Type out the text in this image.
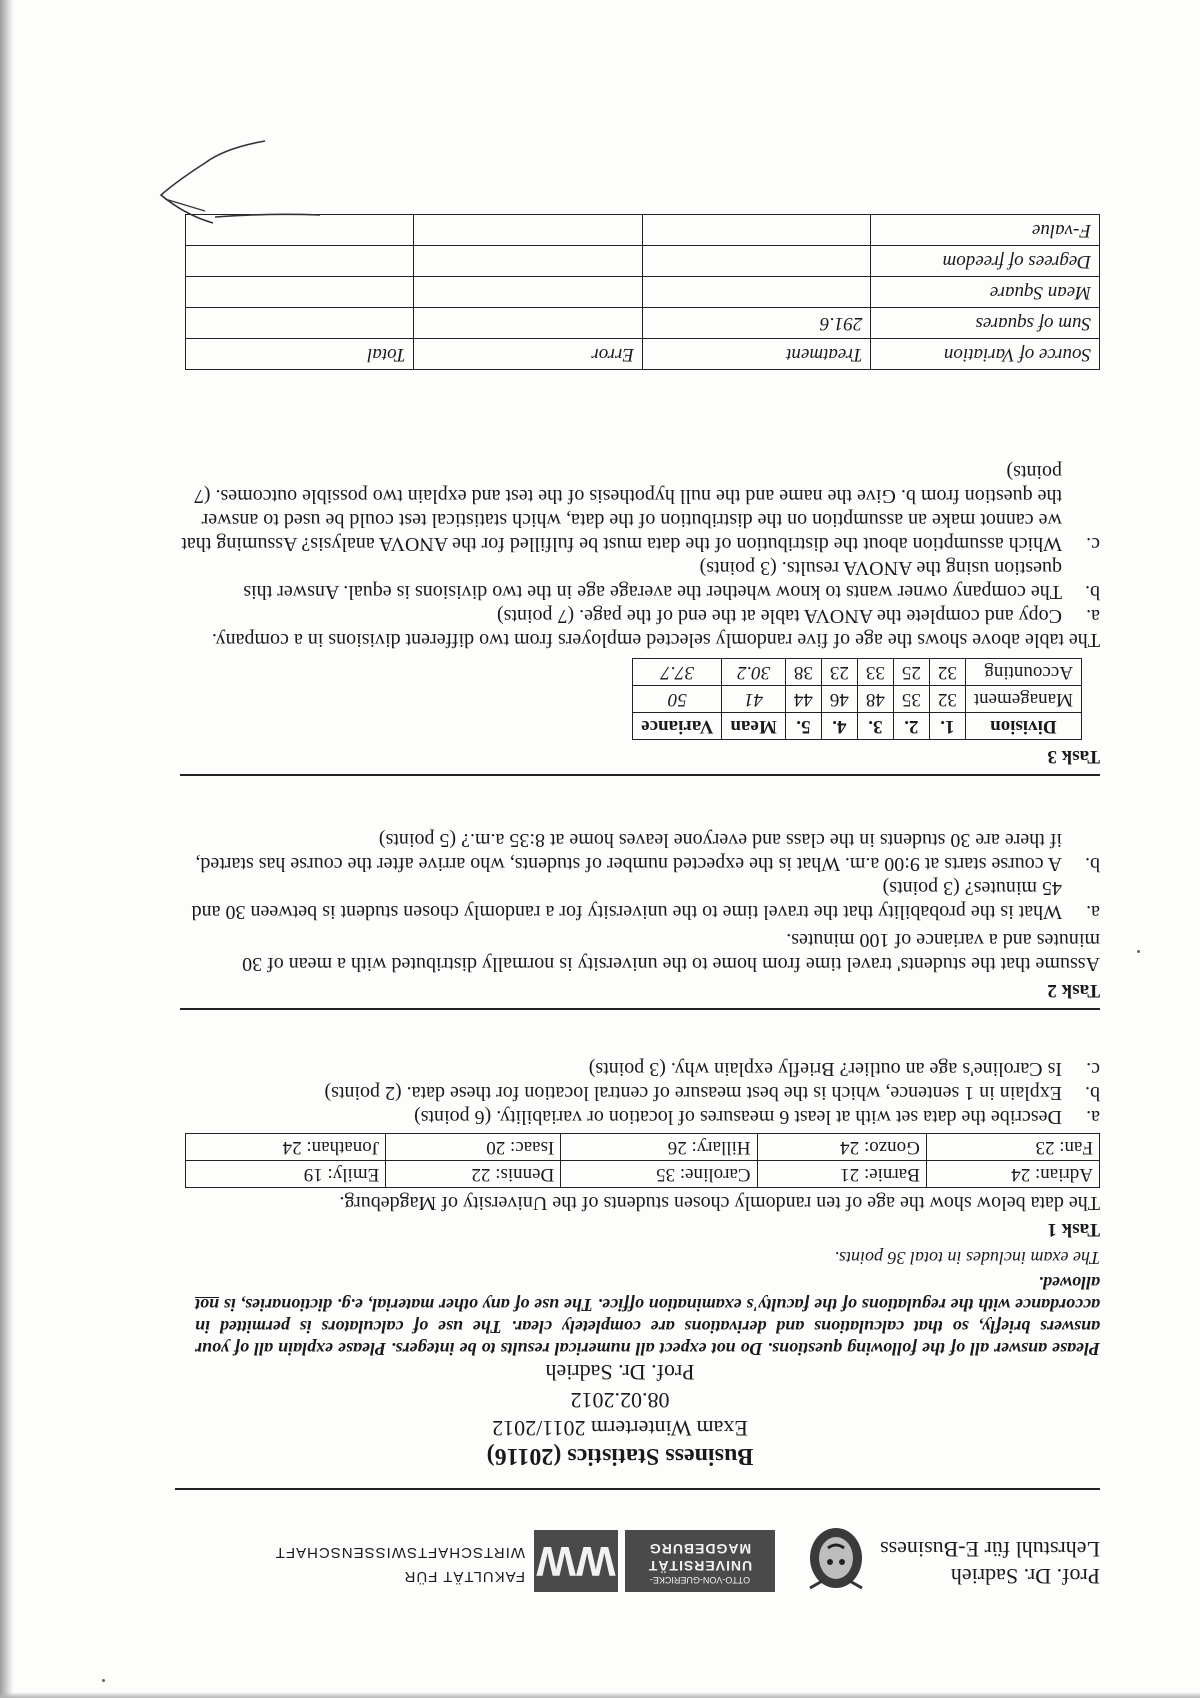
Prof. Dr. Sadrieh
Lehrstuhl für E-Business
OTTO-VON-GUERICKE-
UNIVERSITÄT
MAGDEBURG
WW
FAKULTÄT FÜR
WIRTSCHAFTSWISSENSCHAFT
Business Statistics (20116)
Exam Winterterm 2011/2012
08.02.2012
Prof. Dr. Sadrieh
Please answer all of the following questions. Do not expect all numerical results to be integers. Please explain all of your answers briefly, so that calculations and derivations are completely clear. The use of calculators is permitted in accordance with the regulations of the faculty's examination office. The use of any other material, e.g. dictionaries, is not allowed.
The exam includes in total 36 points.
Task 1
The data below show the age of ten randomly chosen students of the University of Magdeburg.
Adrian: 24	Barnie: 21	Caroline: 35	Dennis: 22	Emily: 19
Fan: 23	Gonzo: 24	Hillary: 26	Isaac: 20	Jonathan: 24
a.
Describe the data set with at least 6 measures of location or variability. (6 points)
b.
Explain in 1 sentence, which is the best measure of central location for these data. (2 points)
c.
Is Caroline's age an outlier? Briefly explain why. (3 points)
Task 2
Assume that the students' travel time from home to the university is normally distributed with a mean of 30 minutes and a variance of 100 minutes.
a.
What is the probability that the travel time to the university for a randomly chosen student is between 30 and 45 minutes? (3 points)
b.
A course starts at 9:00 a.m. What is the expected number of students, who arrive after the course has started, if there are 30 students in the class and everyone leaves home at 8:35 a.m.? (5 points)
Task 3
Division	1.	2.	3.	4.	5.	Mean	Variance
Management	32	35	48	46	44	41	50
Accounting	32	25	33	23	38	30.2	37.7
The table above shows the age of five randomly selected employers from two different divisions in a company.
a.
Copy and complete the ANOVA table at the end of the page. (7 points)
b.
The company owner wants to know whether the average age in the two divisions is equal. Answer this question using the ANOVA results. (3 points)
c.
Which assumption about the distribution of the data must be fulfilled for the ANOVA analysis? Assuming that we cannot make an assumption on the distribution of the data, which statistical test could be used to answer the question from b. Give the name and the null hypothesis of the test and explain two possible outcomes. (7 points)
Source of Variation	Treatment	Error	Total
Sum of squares	291.6		
Mean Square			
Degrees of freedom			
F-value			
